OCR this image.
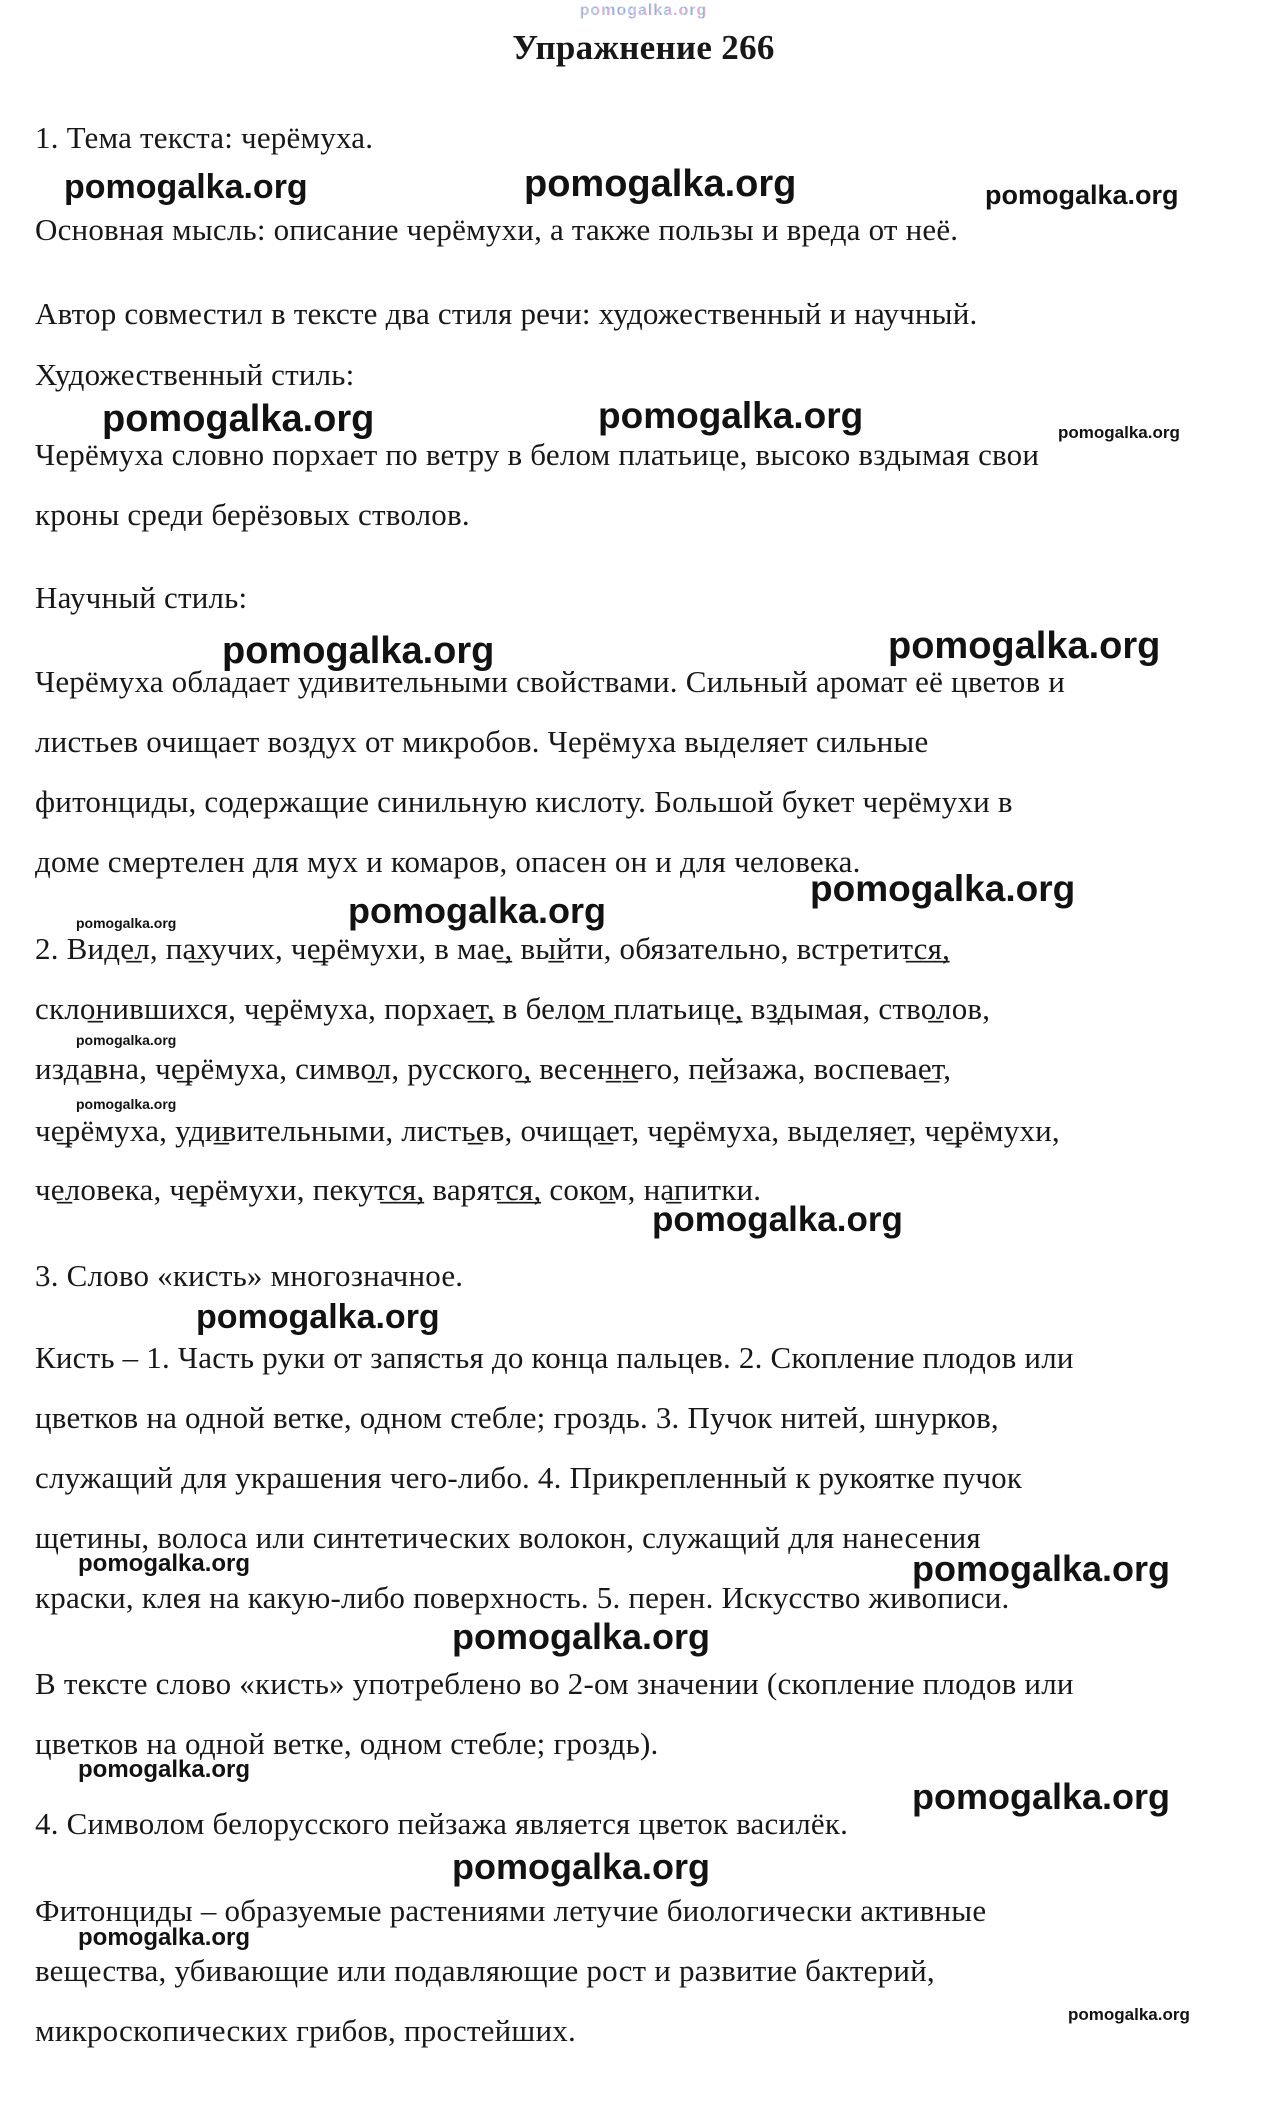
pomogalka.org
Упражнение 266
1. Тема текста: черёмуха.
pomogalka.org	pomogalka.org	pomogalka.org
Основная мысль: описание черёмухи, а также пользы и вреда от неё.
Автор совместил в тексте два стиля речи: художественный и научный.
Художественный стиль:
pomogalka.org	pomogalka.org	pomogalka.org
Черёмуха словно порхает по ветру в белом платьице, высоко вздымая свои
кроны среди берёзовых стволов.
Научный стиль:
pomogalka.org	pomogalka.org
Черёмуха обладает удивительными свойствами. Сильный аромат её цветов и
листьев очищает воздух от микробов. Черёмуха выделяет сильные
фитонциды, содержащие синильную кислоту. Большой букет черёмухи в
доме смертелен для мух и комаров, опасен он и для человека.
pomogalka.org
pomogalka.org
pomogalka.org
2. Виде̲л, па̲хучих, че̲рёмухи, в мае̲, вы̲йти, обязательно, встретит̲с̲я̲,
скло̲нившихся, че̲рёмуха, порхае̲т̲, в бело̲м̲ платьице̲, вз̲дымая, ство̲лов,
pomogalka.org
изда̲вна, че̲рёмуха, симво̲л, русского̲, весен̲н̲его, пе̲йзажа, воспевае̲т,
pomogalka.org
че̲рёмуха, уди̲вительными, листь̲ев, очища̲ет, че̲рёмуха, выделяе̲т, че̲рёмухи,
че̲ловека, че̲рёмухи, пекут̲с̲я̲, варят̲с̲я̲, соко̲м, на̲питки.
pomogalka.org
3. Слово «кисть» многозначное.
pomogalka.org
Кисть – 1. Часть руки от запястья до конца пальцев. 2. Скопление плодов или
цветков на одной ветке, одном стебле; гроздь. 3. Пучок нитей, шнурков,
служащий для украшения чего-либо. 4. Прикрепленный к рукоятке пучок
щетины, волоса или синтетических волокон, служащий для нанесения
pomogalka.org	pomogalka.org
краски, клея на какую-либо поверхность. 5. перен. Искусство живописи.
pomogalka.org
В тексте слово «кисть» употреблено во 2-ом значении (скопление плодов или
цветков на одной ветке, одном стебле; гроздь).
pomogalka.org
pomogalka.org
4. Символом белорусского пейзажа является цветок василёк.
pomogalka.org
Фитонциды – образуемые растениями летучие биологически активные
pomogalka.org
вещества, убивающие или подавляющие рост и развитие бактерий,
микроскопических грибов, простейших.	pomogalka.org
